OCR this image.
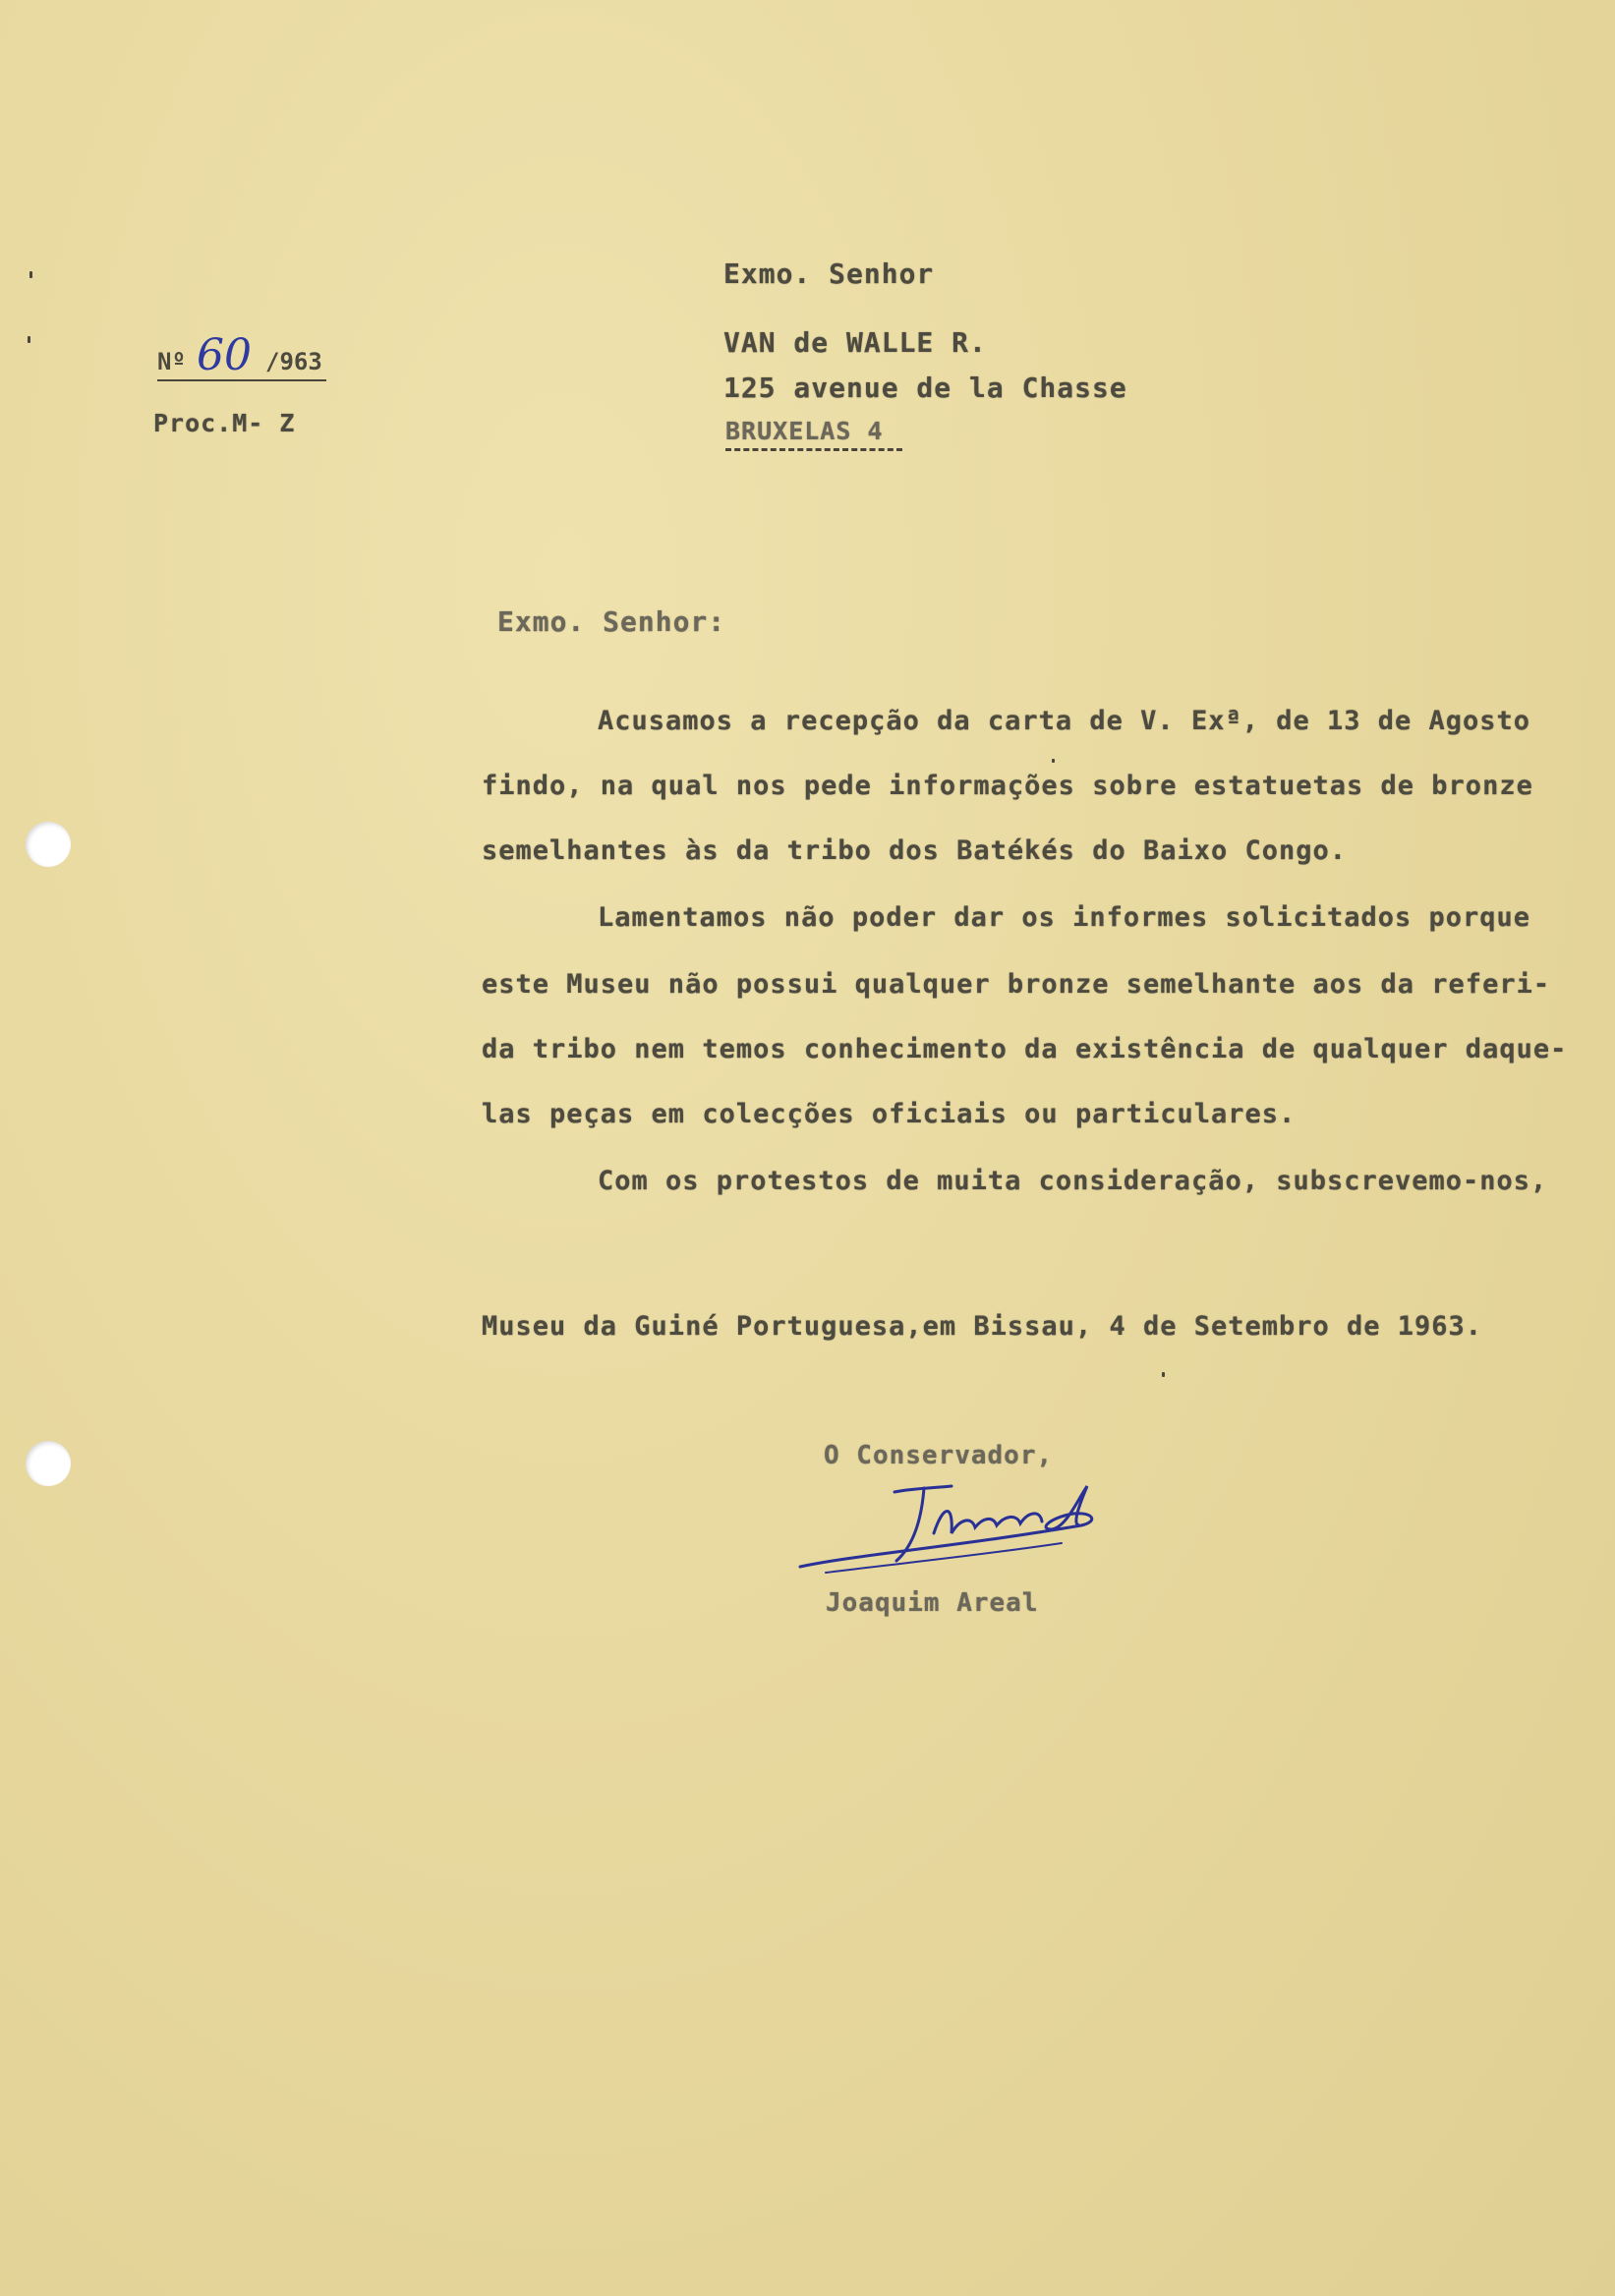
Nº 60 /963
Proc.M- Z
Exmo. Senhor
VAN de WALLE R.
125 avenue de la Chasse
BRUXELAS 4
Exmo. Senhor:
Acusamos a recepção da carta de V. Exª, de 13 de Agosto
findo, na qual nos pede informações sobre estatuetas de bronze
semelhantes às da tribo dos Batékés do Baixo Congo.
Lamentamos não poder dar os informes solicitados porque
este Museu não possui qualquer bronze semelhante aos da referi-
da tribo nem temos conhecimento da existência de qualquer daque-
las peças em colecções oficiais ou particulares.
Com os protestos de muita consideração, subscrevemo-nos,
Museu da Guiné Portuguesa,em Bissau, 4 de Setembro de 1963.
O Conservador,
Joaquim Areal
